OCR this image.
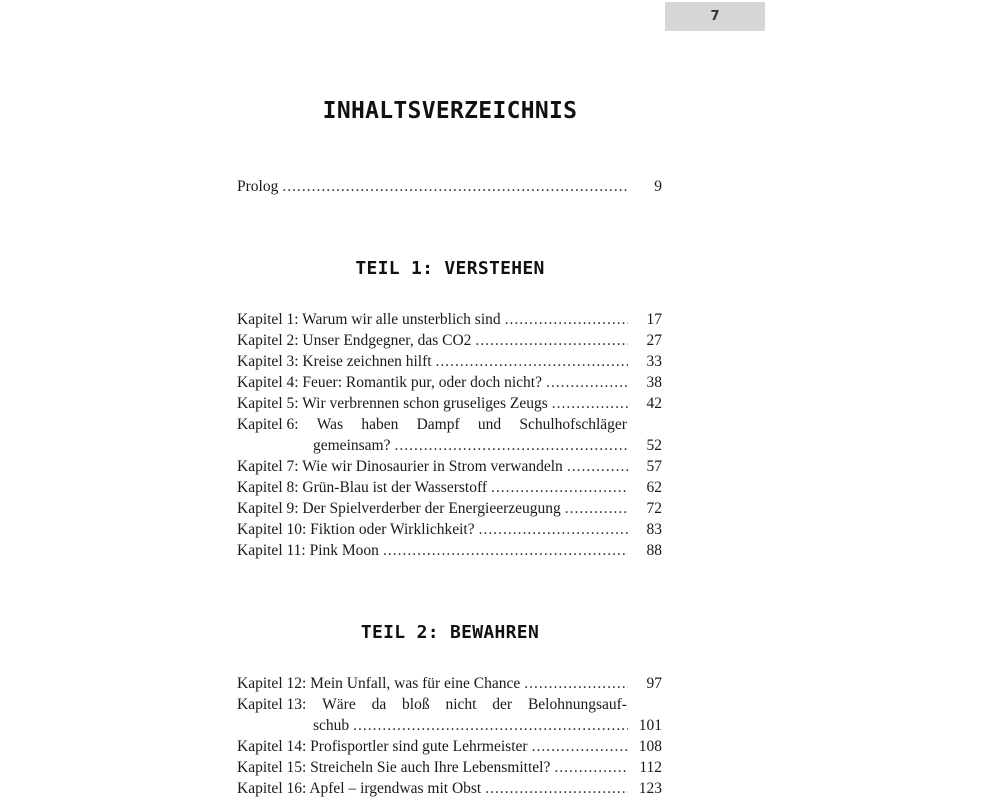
7
INHALTSVERZEICHNIS
Prolog .....	9
TEIL 1: VERSTEHEN
Kapitel 1: Warum wir alle unsterblich sind .....	17
Kapitel 2: Unser Endgegner, das CO2 .....	27
Kapitel 3: Kreise zeichnen hilft .....	33
Kapitel 4: Feuer: Romantik pur, oder doch nicht? .....	38
Kapitel 5: Wir verbrennen schon gruseliges Zeugs .....	42
Kapitel 6: Was haben Dampf und Schulhofschläger
gemeinsam? .....	52
Kapitel 7: Wie wir Dinosaurier in Strom verwandeln .....	57
Kapitel 8: Grün-Blau ist der Wasserstoff .....	62
Kapitel 9: Der Spielverderber der Energieerzeugung .....	72
Kapitel 10: Fiktion oder Wirklichkeit? .....	83
Kapitel 11: Pink Moon .....	88
TEIL 2: BEWAHREN
Kapitel 12: Mein Unfall, was für eine Chance .....	97
Kapitel 13: Wäre da bloß nicht der Belohnungsauf-
schub .....	101
Kapitel 14: Profisportler sind gute Lehrmeister .....	108
Kapitel 15: Streicheln Sie auch Ihre Lebensmittel? .....	112
Kapitel 16: Apfel – irgendwas mit Obst .....	123
